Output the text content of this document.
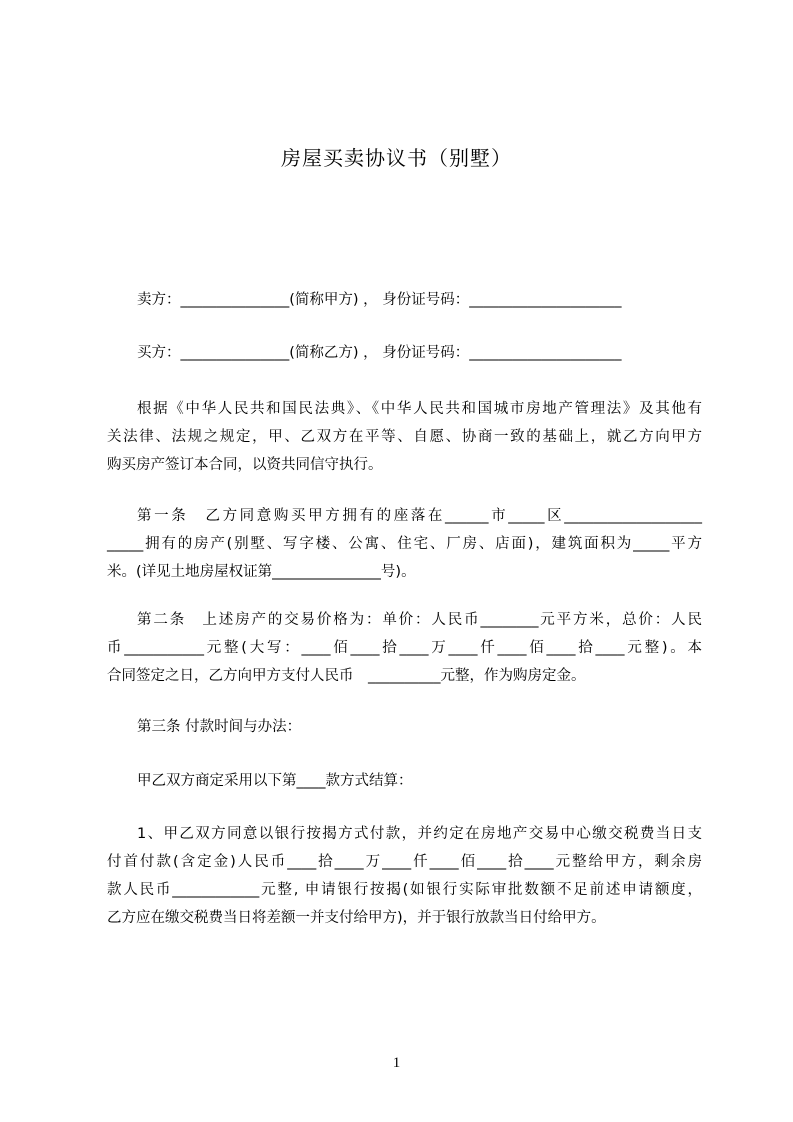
房屋买卖协议书（别墅）
卖方：_______________(简称甲方) ， 身份证号码：_____________________
买方：_______________(简称乙方) ， 身份证号码：_____________________
根据《中华人民共和国民法典》、《中华人民共和国城市房地产管理法》及其他有
关法律、法规之规定，甲、乙双方在平等、自愿、协商一致的基础上，就乙方向甲方
购买房产签订本合同，以资共同信守执行。
第一条　乙方同意购买甲方拥有的座落在______市_____区___________________
_____拥有的房产(别墅、写字楼、公寓、住宅、厂房、店面)，建筑面积为_____平方
米。(详见土地房屋权证第_______________号)。
第二条　上述房产的交易价格为：单价：人民币________元平方米，总价：人民
币___________元整(大写：____佰____拾____万____仟____佰____拾____元整)。本
合同签定之日，乙方向甲方支付人民币　__________元整，作为购房定金。
第三条 付款时间与办法：
甲乙双方商定采用以下第____款方式结算：
1、甲乙双方同意以银行按揭方式付款，并约定在房地产交易中心缴交税费当日支
付首付款(含定金)人民币____拾____万____仟____佰____拾____元整给甲方，剩余房
款人民币____________元整, 申请银行按揭(如银行实际审批数额不足前述申请额度，
乙方应在缴交税费当日将差额一并支付给甲方)，并于银行放款当日付给甲方。
1
